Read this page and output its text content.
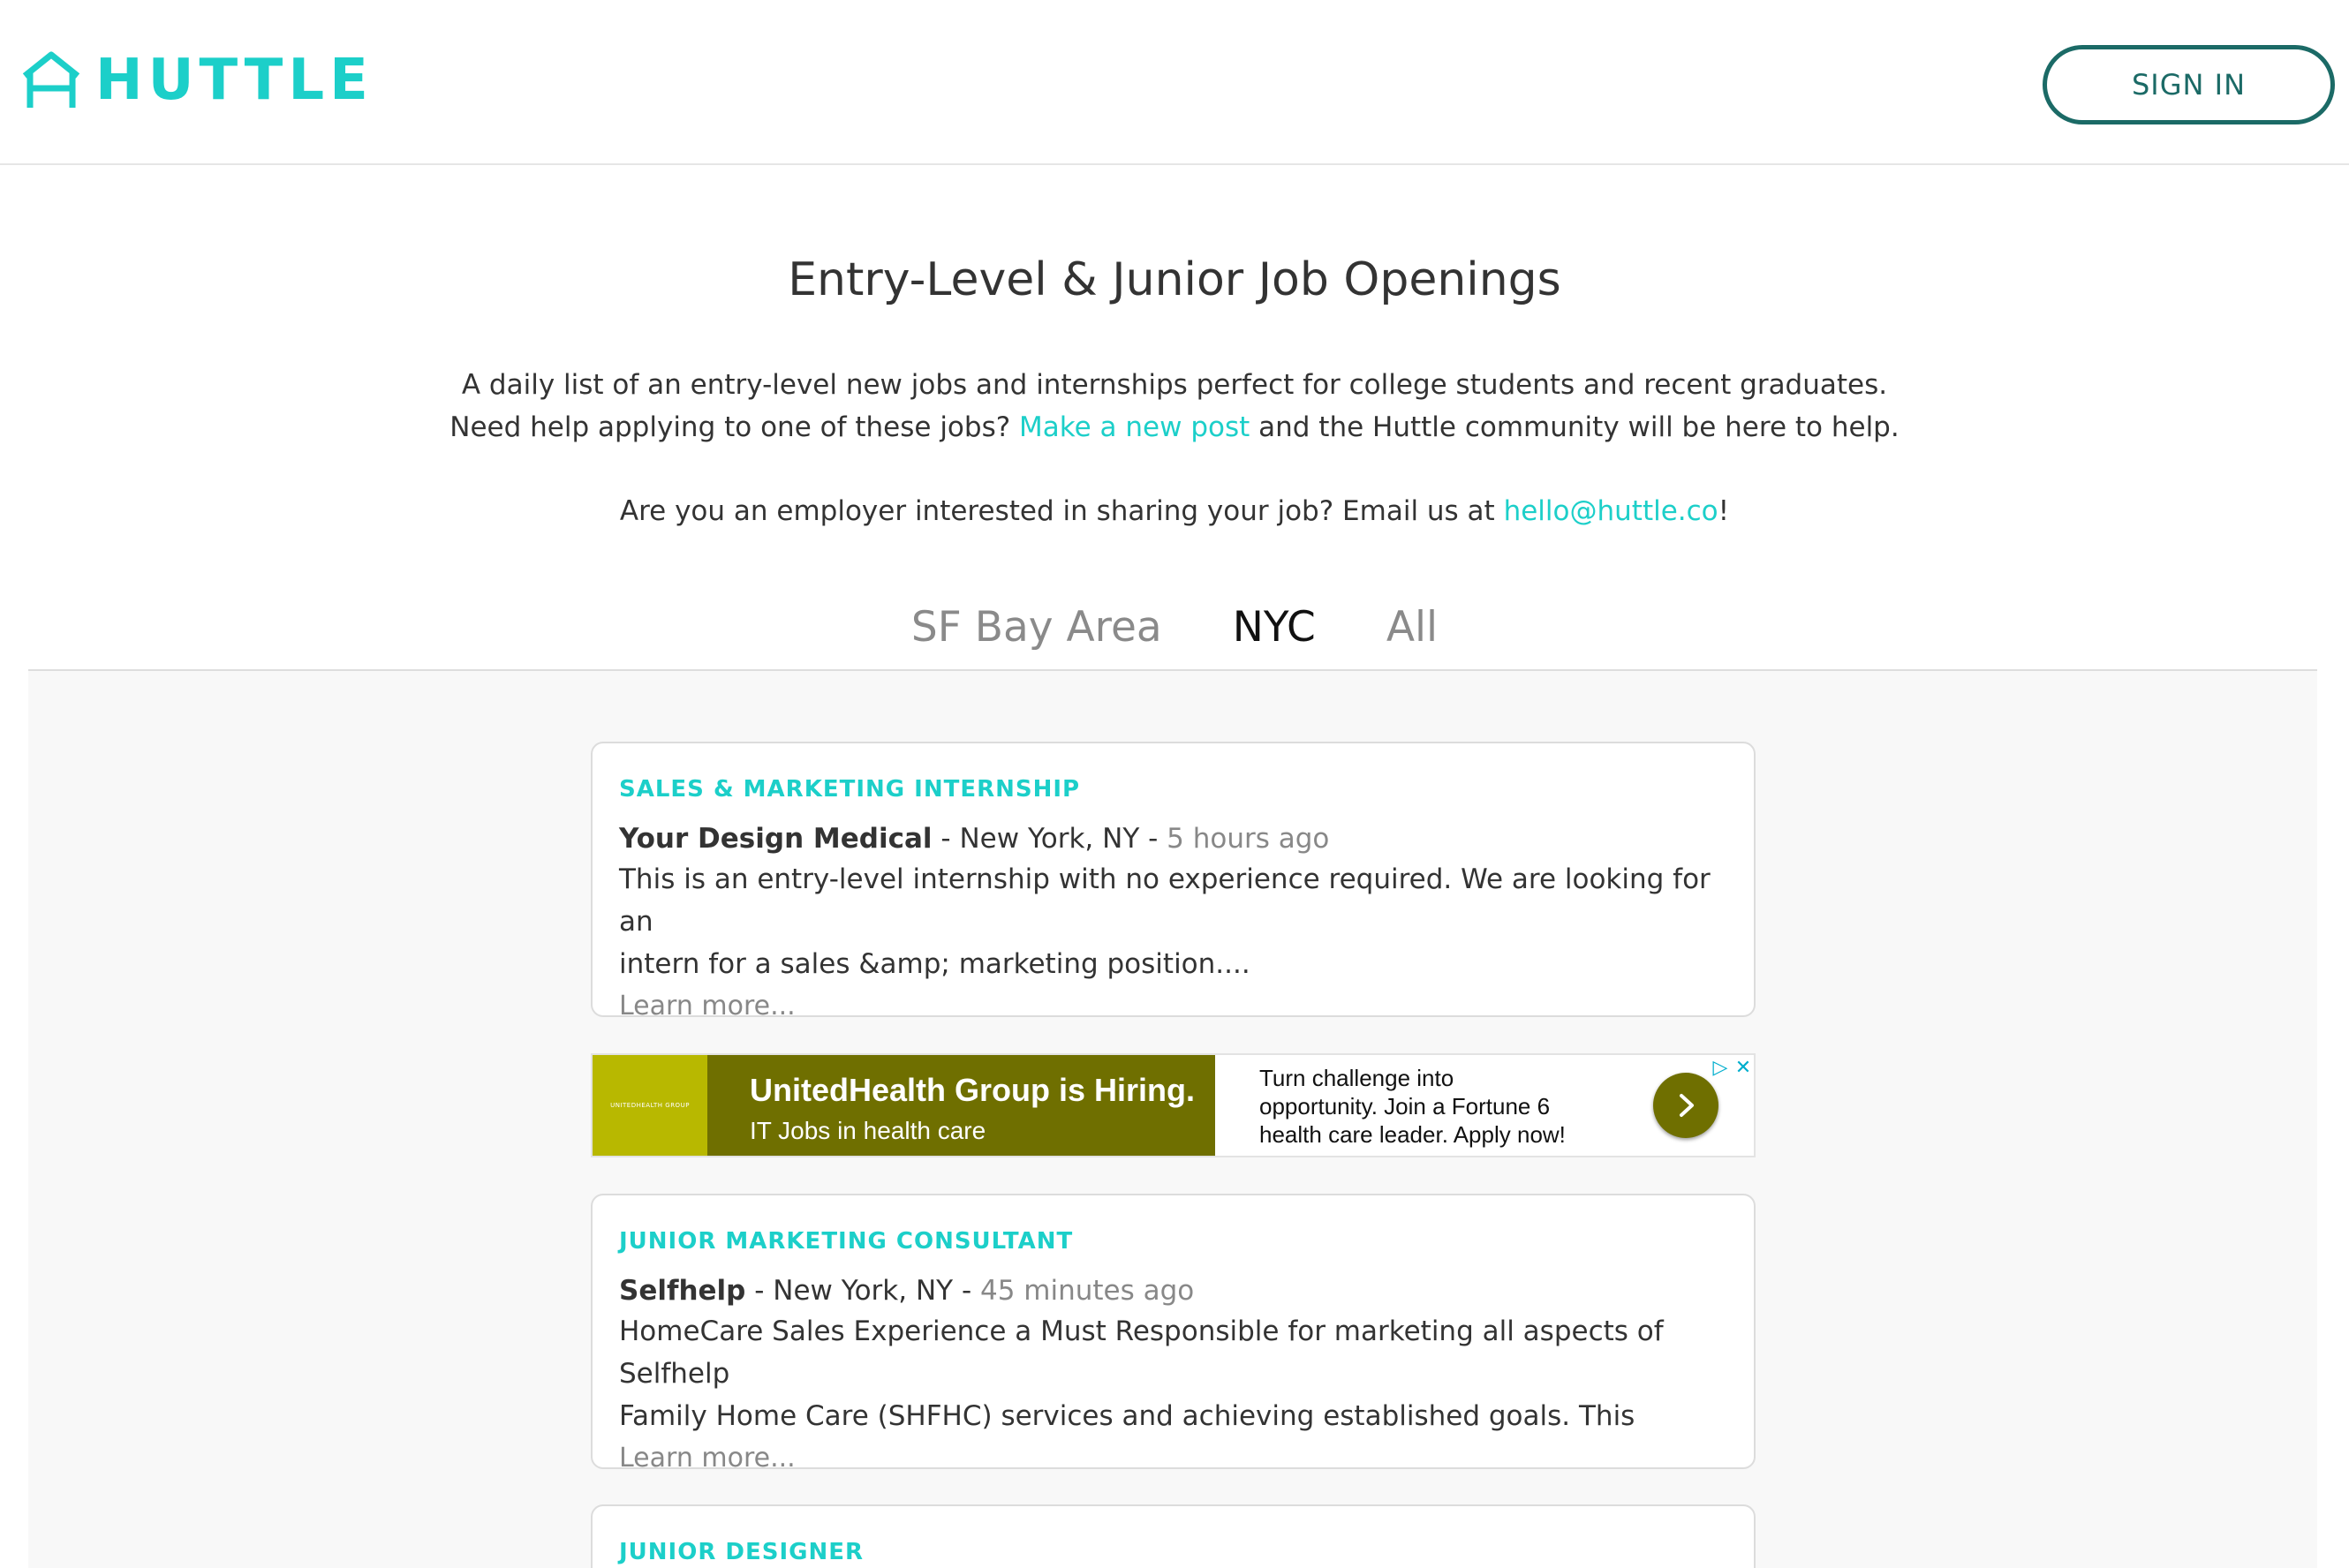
HUTTLE	SIGN IN
Entry-Level & Junior Job Openings
A daily list of an entry-level new jobs and internships perfect for college students and recent graduates.
Need help applying to one of these jobs? Make a new post and the Huttle community will be here to help.
Are you an employer interested in sharing your job? Email us at hello@huttle.co!
SF Bay Area NYC All
SALES & MARKETING INTERNSHIP
Your Design Medical - New York, NY - 5 hours ago
This is an entry-level internship with no experience required. We are looking for an
intern for a sales &amp; marketing position....
Learn more...
UNITEDHEALTH GROUP UnitedHealth Group is Hiring.
IT Jobs in health care
Turn challenge into
opportunity. Join a Fortune 6
health care leader. Apply now!
▷ ✕
JUNIOR MARKETING CONSULTANT
Selfhelp - New York, NY - 45 minutes ago
HomeCare Sales Experience a Must Responsible for marketing all aspects of Selfhelp
Family Home Care (SHFHC) services and achieving established goals. This
Learn more...
JUNIOR DESIGNER
